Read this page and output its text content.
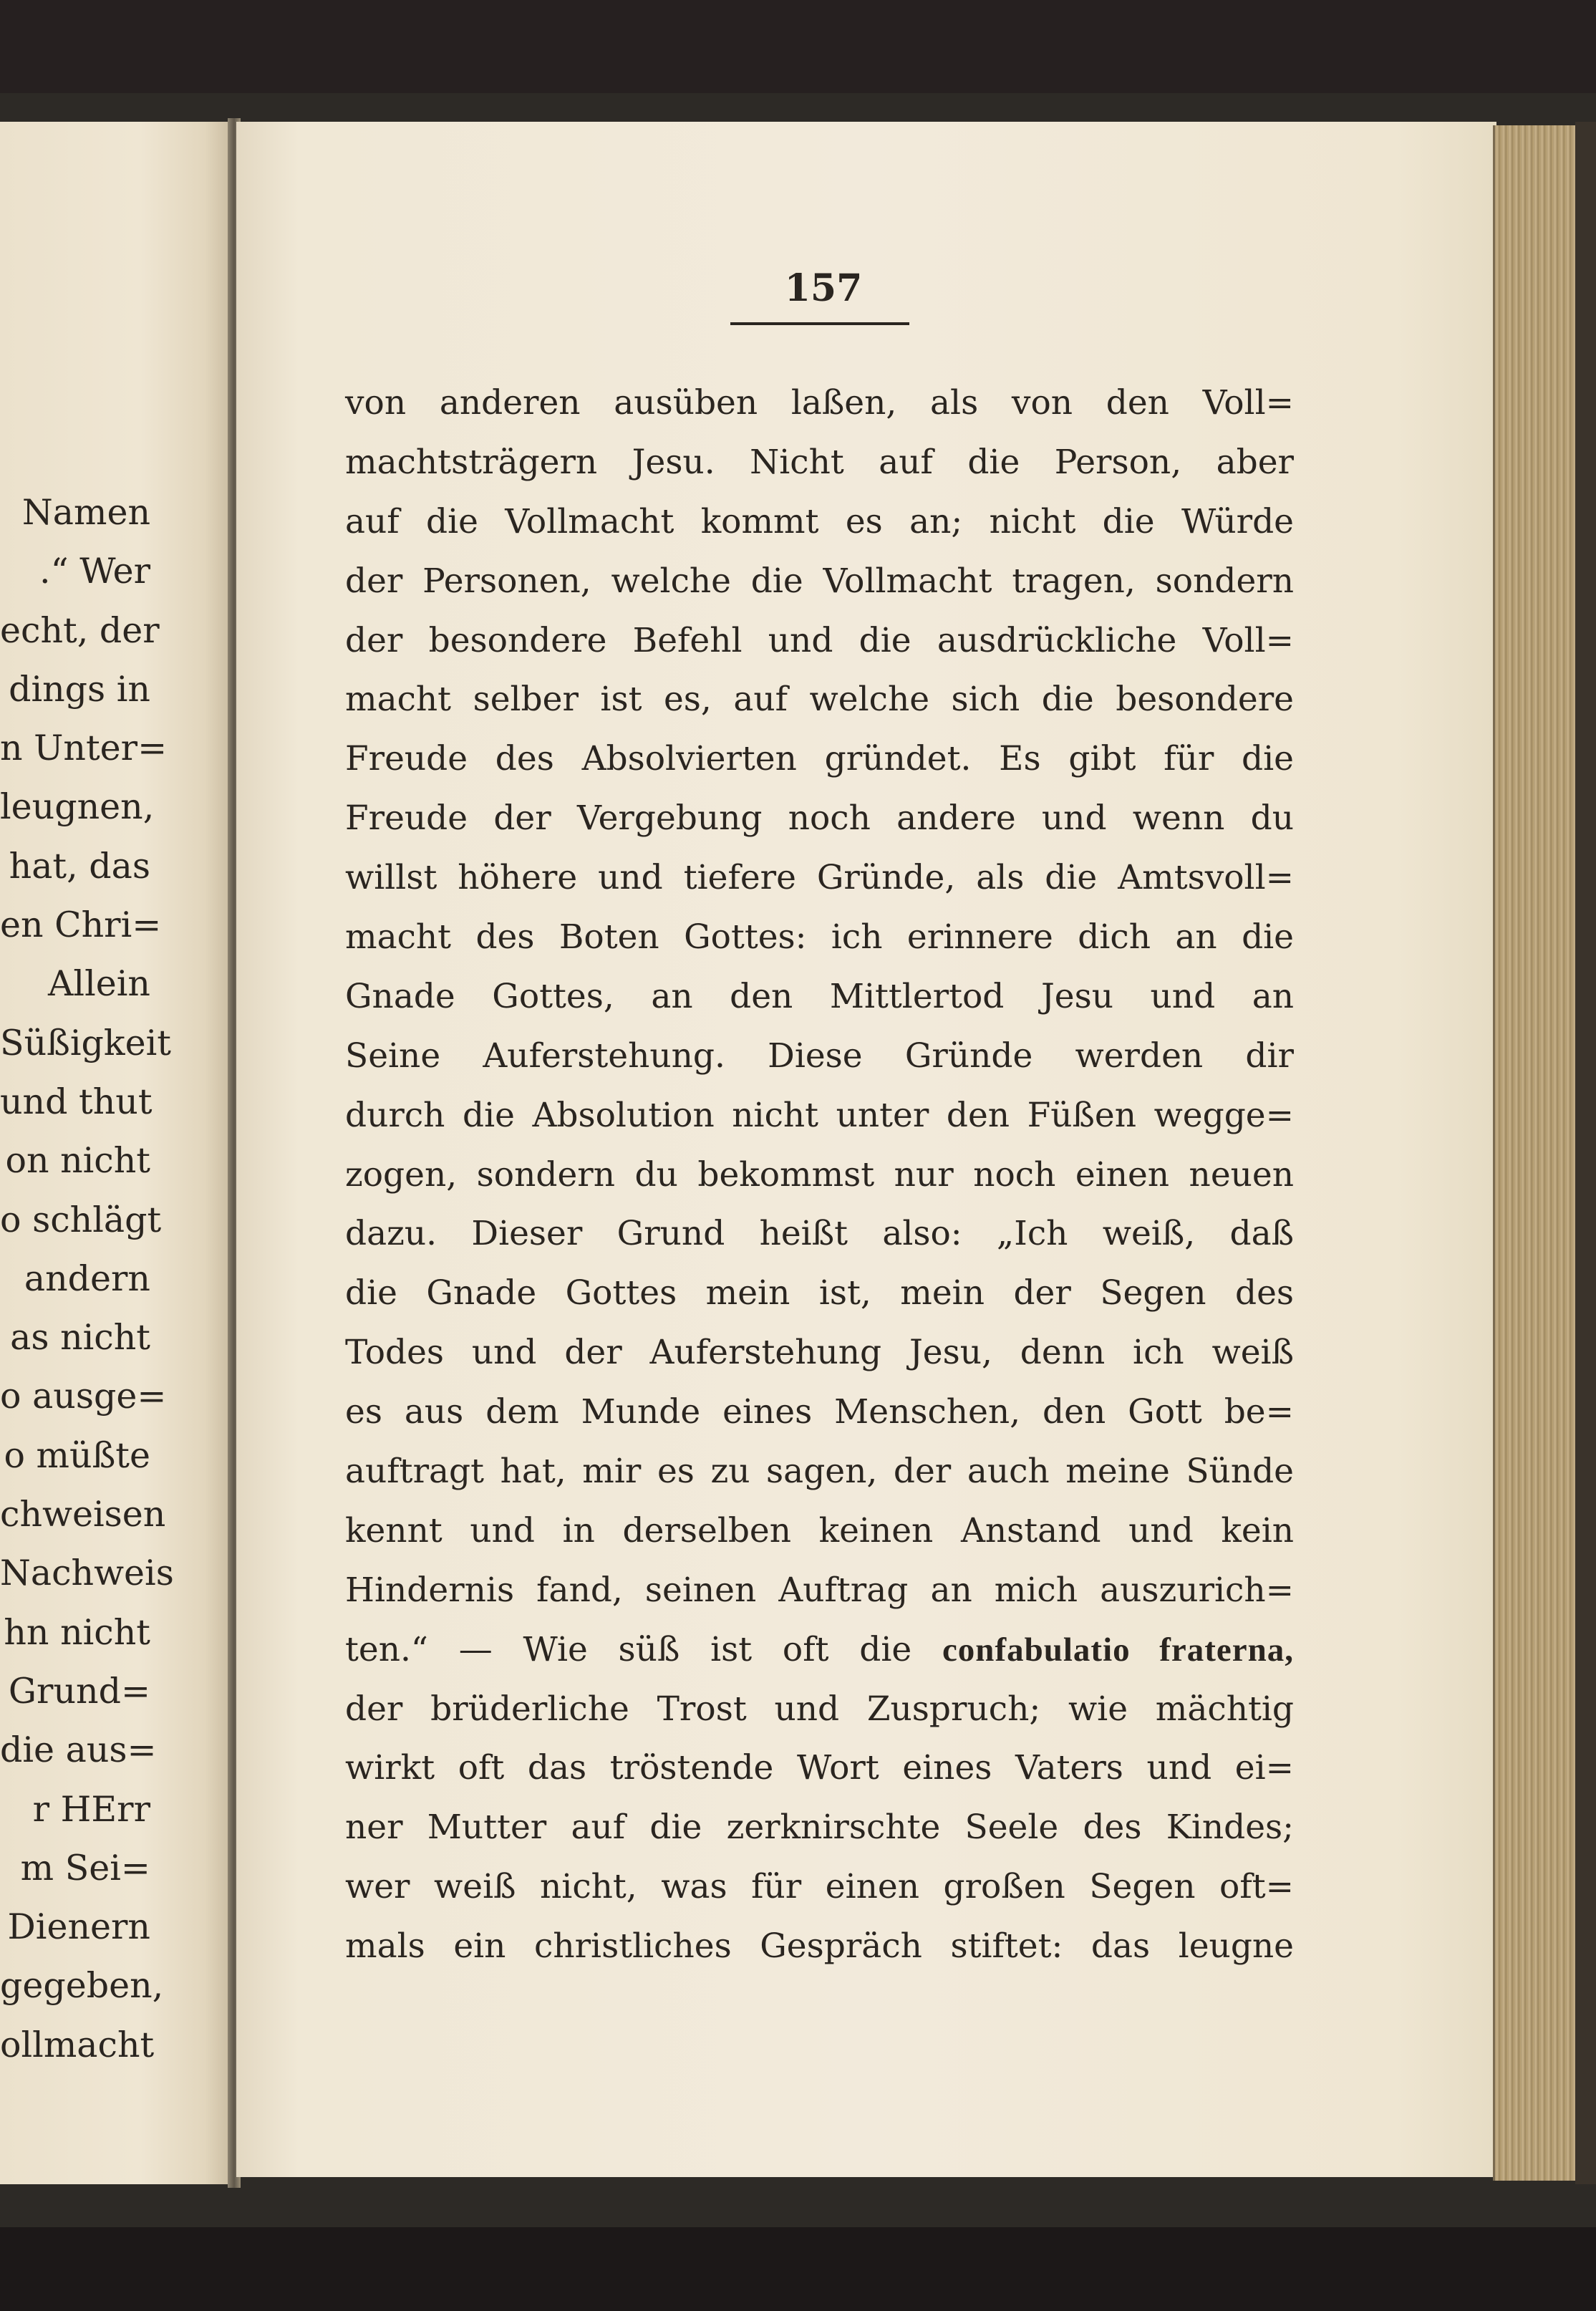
Namen
.“ Wer
echt, der
dings in
n Unter=
leugnen,
hat, das
en Chri=
Allein
Süßigkeit
und thut
on nicht
o schlägt
andern
as nicht
o ausge=
o müßte
chweisen
Nachweis
hn nicht
Grund=
die aus=
r HErr
m Sei=
Dienern
gegeben,
ollmacht
157
von anderen ausüben laßen, als von den Voll=
machtsträgern Jesu. Nicht auf die Person, aber
auf die Vollmacht kommt es an; nicht die Würde
der Personen, welche die Vollmacht tragen, sondern
der besondere Befehl und die ausdrückliche Voll=
macht selber ist es, auf welche sich die besondere
Freude des Absolvierten gründet. Es gibt für die
Freude der Vergebung noch andere und wenn du
willst höhere und tiefere Gründe, als die Amtsvoll=
macht des Boten Gottes: ich erinnere dich an die
Gnade Gottes, an den Mittlertod Jesu und an
Seine Auferstehung. Diese Gründe werden dir
durch die Absolution nicht unter den Füßen wegge=
zogen, sondern du bekommst nur noch einen neuen
dazu. Dieser Grund heißt also: „Ich weiß, daß
die Gnade Gottes mein ist, mein der Segen des
Todes und der Auferstehung Jesu, denn ich weiß
es aus dem Munde eines Menschen, den Gott be=
auftragt hat, mir es zu sagen, der auch meine Sünde
kennt und in derselben keinen Anstand und kein
Hindernis fand, seinen Auftrag an mich auszurich=
ten.“ — Wie süß ist oft die confabulatio fraterna,
der brüderliche Trost und Zuspruch; wie mächtig
wirkt oft das tröstende Wort eines Vaters und ei=
ner Mutter auf die zerknirschte Seele des Kindes;
wer weiß nicht, was für einen großen Segen oft=
mals ein christliches Gespräch stiftet: das leugne
